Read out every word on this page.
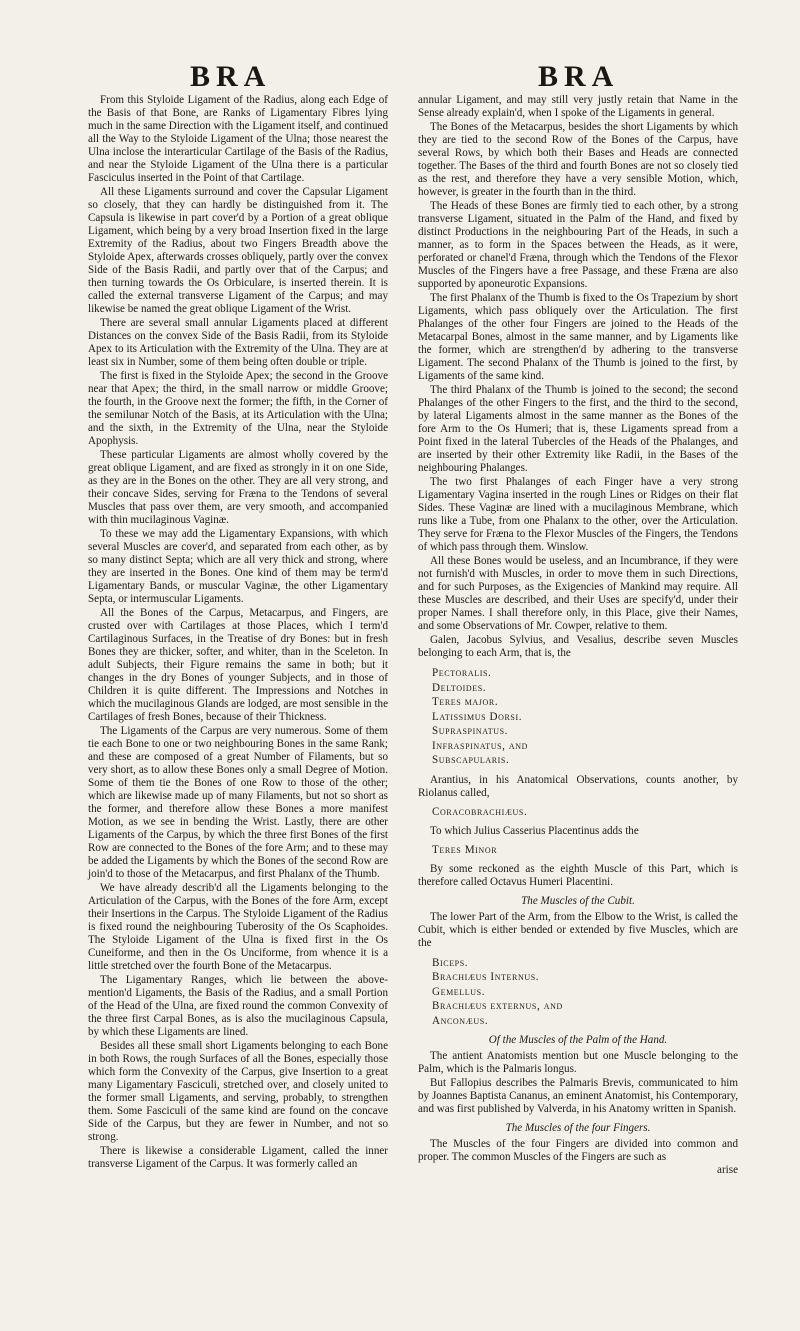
BRA	BRA

From this Styloide Ligament of the Radius, along each Edge of the Basis of that Bone, are Ranks of Ligamentary Fibres lying much in the same Direction with the Ligament itself, and continued all the Way to the Styloide Ligament of the Ulna; those nearest the Ulna inclose the interarticular Cartilage of the Basis of the Radius, and near the Styloide Ligament of the Ulna there is a particular Fasciculus inserted in the Point of that Cartilage.

All these Ligaments surround and cover the Capsular Ligament so closely, that they can hardly be distinguished from it. The Capsula is likewise in part cover'd by a Portion of a great oblique Ligament, which being by a very broad Insertion fixed in the large Extremity of the Radius, about two Fingers Breadth above the Styloide Apex, afterwards crosses obliquely, partly over the convex Side of the Basis Radii, and partly over that of the Carpus; and then turning towards the Os Orbiculare, is inserted therein. It is called the external transverse Ligament of the Carpus; and may likewise be named the great oblique Ligament of the Wrist.

There are several small annular Ligaments placed at different Distances on the convex Side of the Basis Radii, from its Styloide Apex to its Articulation with the Extremity of the Ulna. They are at least six in Number, some of them being often double or triple.

The first is fixed in the Styloide Apex; the second in the Groove near that Apex; the third, in the small narrow or middle Groove; the fourth, in the Groove next the former; the fifth, in the Corner of the semilunar Notch of the Basis, at its Articulation with the Ulna; and the sixth, in the Extremity of the Ulna, near the Styloide Apophysis.

These particular Ligaments are almost wholly covered by the great oblique Ligament, and are fixed as strongly in it on one Side, as they are in the Bones on the other. They are all very strong, and their concave Sides, serving for Fræna to the Tendons of several Muscles that pass over them, are very smooth, and accompanied with thin mucilaginous Vaginæ.

To these we may add the Ligamentary Expansions, with which several Muscles are cover'd, and separated from each other, as by so many distinct Septa; which are all very thick and strong, where they are inserted in the Bones. One kind of them may be term'd Ligamentary Bands, or muscular Vaginæ, the other Ligamentary Septa, or intermuscular Ligaments.

All the Bones of the Carpus, Metacarpus, and Fingers, are crusted over with Cartilages at those Places, which I term'd Cartilaginous Surfaces, in the Treatise of dry Bones: but in fresh Bones they are thicker, softer, and whiter, than in the Sceleton. In adult Subjects, their Figure remains the same in both; but it changes in the dry Bones of younger Subjects, and in those of Children it is quite different. The Impressions and Notches in which the mucilaginous Glands are lodged, are most sensible in the Cartilages of fresh Bones, because of their Thickness.

The Ligaments of the Carpus are very numerous. Some of them tie each Bone to one or two neighbouring Bones in the same Rank; and these are composed of a great Number of Filaments, but so very short, as to allow these Bones only a small Degree of Motion. Some of them tie the Bones of one Row to those of the other; which are likewise made up of many Filaments, but not so short as the former, and therefore allow these Bones a more manifest Motion, as we see in bending the Wrist. Lastly, there are other Ligaments of the Carpus, by which the three first Bones of the first Row are connected to the Bones of the fore Arm; and to these may be added the Ligaments by which the Bones of the second Row are join'd to those of the Metacarpus, and first Phalanx of the Thumb.

We have already describ'd all the Ligaments belonging to the Articulation of the Carpus, with the Bones of the fore Arm, except their Insertions in the Carpus. The Styloide Ligament of the Radius is fixed round the neighbouring Tuberosity of the Os Scaphoides. The Styloide Ligament of the Ulna is fixed first in the Os Cuneiforme, and then in the Os Unciforme, from whence it is a little stretched over the fourth Bone of the Metacarpus.

The Ligamentary Ranges, which lie between the above-mention'd Ligaments, the Basis of the Radius, and a small Portion of the Head of the Ulna, are fixed round the common Convexity of the three first Carpal Bones, as is also the mucilaginous Capsula, by which these Ligaments are lined.

Besides all these small short Ligaments belonging to each Bone in both Rows, the rough Surfaces of all the Bones, especially those which form the Convexity of the Carpus, give Insertion to a great many Ligamentary Fasciculi, stretched over, and closely united to the former small Ligaments, and serving, probably, to strengthen them. Some Fasciculi of the same kind are found on the concave Side of the Carpus, but they are fewer in Number, and not so strong.

There is likewise a considerable Ligament, called the inner transverse Ligament of the Carpus. It was formerly called an

annular Ligament, and may still very justly retain that Name in the Sense already explain'd, when I spoke of the Ligaments in general.

The Bones of the Metacarpus, besides the short Ligaments by which they are tied to the second Row of the Bones of the Carpus, have several Rows, by which both their Bases and Heads are connected together. The Bases of the third and fourth Bones are not so closely tied as the rest, and therefore they have a very sensible Motion, which, however, is greater in the fourth than in the third.

The Heads of these Bones are firmly tied to each other, by a strong transverse Ligament, situated in the Palm of the Hand, and fixed by distinct Productions in the neighbouring Part of the Heads, in such a manner, as to form in the Spaces between the Heads, as it were, perforated or chanel'd Fræna, through which the Tendons of the Flexor Muscles of the Fingers have a free Passage, and these Fræna are also supported by aponeurotic Expansions.

The first Phalanx of the Thumb is fixed to the Os Trapezium by short Ligaments, which pass obliquely over the Articulation. The first Phalanges of the other four Fingers are joined to the Heads of the Metacarpal Bones, almost in the same manner, and by Ligaments like the former, which are strengthen'd by adhering to the transverse Ligament. The second Phalanx of the Thumb is joined to the first, by Ligaments of the same kind.

The third Phalanx of the Thumb is joined to the second; the second Phalanges of the other Fingers to the first, and the third to the second, by lateral Ligaments almost in the same manner as the Bones of the fore Arm to the Os Humeri; that is, these Ligaments spread from a Point fixed in the lateral Tubercles of the Heads of the Phalanges, and are inserted by their other Extremity like Radii, in the Bases of the neighbouring Phalanges.

The two first Phalanges of each Finger have a very strong Ligamentary Vagina inserted in the rough Lines or Ridges on their flat Sides. These Vaginæ are lined with a mucilaginous Membrane, which runs like a Tube, from one Phalanx to the other, over the Articulation. They serve for Fræna to the Flexor Muscles of the Fingers, the Tendons of which pass through them. Winslow.

All these Bones would be useless, and an Incumbrance, if they were not furnish'd with Muscles, in order to move them in such Directions, and for such Purposes, as the Exigencies of Mankind may require. All these Muscles are described, and their Uses are specify'd, under their proper Names. I shall therefore only, in this Place, give their Names, and some Observations of Mr. Cowper, relative to them.

Galen, Jacobus Sylvius, and Vesalius, describe seven Muscles belonging to each Arm, that is, the

Pectoralis.
Deltoides.
Teres major.
Latissimus Dorsi.
Supraspinatus.
Infraspinatus, and
Subscapularis.

Arantius, in his Anatomical Observations, counts another, by Riolanus called,

Coracobrachiæus.

To which Julius Casserius Placentinus adds the

Teres Minor

By some reckoned as the eighth Muscle of this Part, which is therefore called Octavus Humeri Placentini.

The Muscles of the Cubit.

The lower Part of the Arm, from the Elbow to the Wrist, is called the Cubit, which is either bended or extended by five Muscles, which are the

Biceps.
Brachiæus Internus.
Gemellus.
Brachiæus externus, and
Anconæus.
Of the Muscles of the Palm of the Hand.

The antient Anatomists mention but one Muscle belonging to the Palm, which is the Palmaris longus.

But Fallopius describes the Palmaris Brevis, communicated to him by Joannes Baptista Cananus, an eminent Anatomist, his Contemporary, and was first published by Valverda, in his Anatomy written in Spanish.

The Muscles of the four Fingers.

The Muscles of the four Fingers are divided into common and proper. The common Muscles of the Fingers are such as

arise
